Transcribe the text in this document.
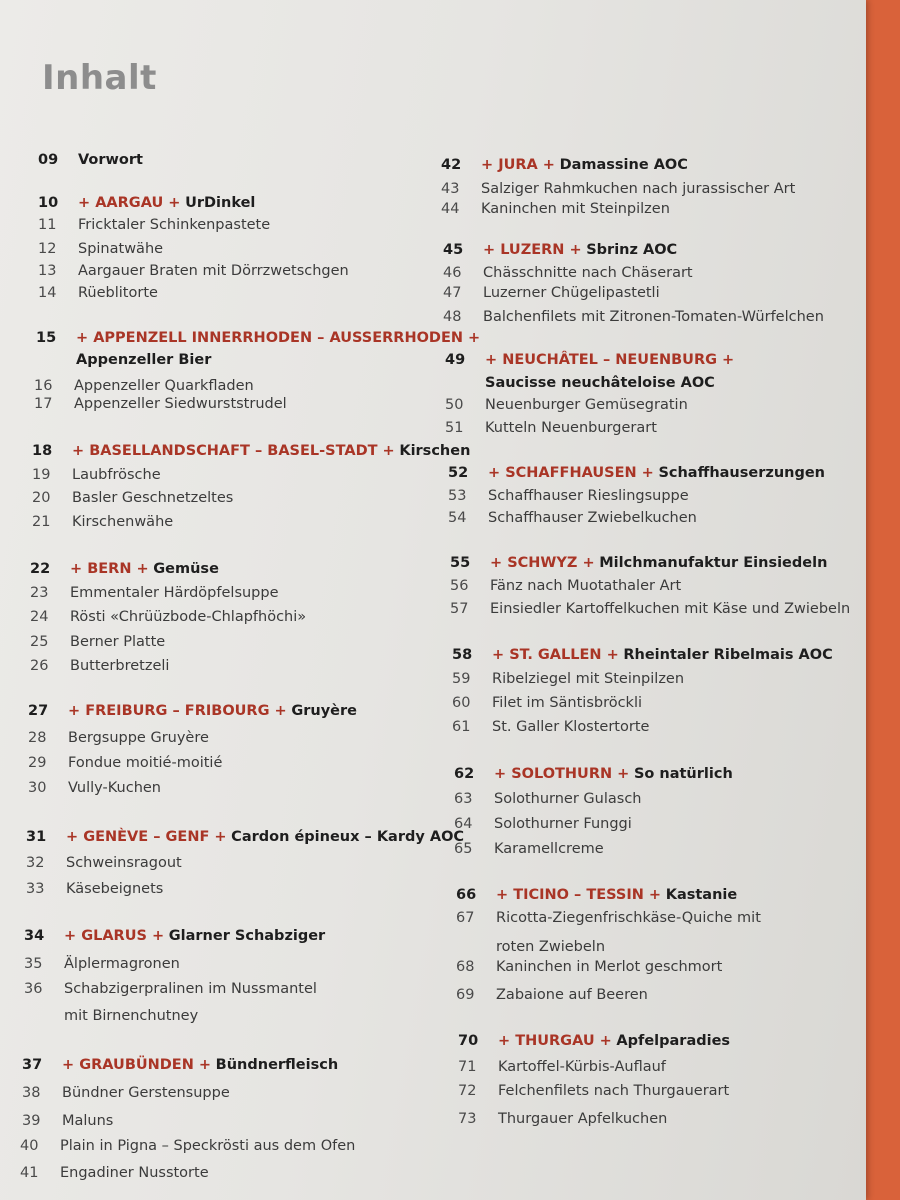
Inhalt
09 Vorwort
10 + AARGAU + UrDinkel
11 Fricktaler Schinkenpastete
12 Spinatwähe
13 Aargauer Braten mit Dörrzwetschgen
14 Rüeblitorte
15 + APPENZELL INNERRHODEN – AUSSERRHODEN +
Appenzeller Bier
16 Appenzeller Quarkfladen
17 Appenzeller Siedwurststrudel
18 + BASELLANDSCHAFT – BASEL-STADT + Kirschen
19 Laubfrösche
20 Basler Geschnetzeltes
21 Kirschenwähe
22 + BERN + Gemüse
23 Emmentaler Härdöpfelsuppe
24 Rösti «Chrüüzbode-Chlapfhöchi»
25 Berner Platte
26 Butterbretzeli
27 + FREIBURG – FRIBOURG + Gruyère
28 Bergsuppe Gruyère
29 Fondue moitié-moitié
30 Vully-Kuchen
31 + GENÈVE – GENF + Cardon épineux – Kardy AOC
32 Schweinsragout
33 Käsebeignets
34 + GLARUS + Glarner Schabziger
35 Älplermagronen
36 Schabzigerpralinen im Nussmantel
mit Birnenchutney
37 + GRAUBÜNDEN + Bündnerfleisch
38 Bündner Gerstensuppe
39 Maluns
40 Plain in Pigna – Speckrösti aus dem Ofen
41 Engadiner Nusstorte
42 + JURA + Damassine AOC
43 Salziger Rahmkuchen nach jurassischer Art
44 Kaninchen mit Steinpilzen
45 + LUZERN + Sbrinz AOC
46 Chässchnitte nach Chäserart
47 Luzerner Chügelipastetli
48 Balchenfilets mit Zitronen-Tomaten-Würfelchen
49 + NEUCHÂTEL – NEUENBURG +
Saucisse neuchâteloise AOC
50 Neuenburger Gemüsegratin
51 Kutteln Neuenburgerart
52 + SCHAFFHAUSEN + Schaffhauserzungen
53 Schaffhauser Rieslingsuppe
54 Schaffhauser Zwiebelkuchen
55 + SCHWYZ + Milchmanufaktur Einsiedeln
56 Fänz nach Muotathaler Art
57 Einsiedler Kartoffelkuchen mit Käse und Zwiebeln
58 + ST. GALLEN + Rheintaler Ribelmais AOC
59 Ribelziegel mit Steinpilzen
60 Filet im Säntisbröckli
61 St. Galler Klostertorte
62 + SOLOTHURN + So natürlich
63 Solothurner Gulasch
64 Solothurner Funggi
65 Karamellcreme
66 + TICINO – TESSIN + Kastanie
67 Ricotta-Ziegenfrischkäse-Quiche mit
roten Zwiebeln
68 Kaninchen in Merlot geschmort
69 Zabaione auf Beeren
70 + THURGAU + Apfelparadies
71 Kartoffel-Kürbis-Auflauf
72 Felchenfilets nach Thurgauerart
73 Thurgauer Apfelkuchen
